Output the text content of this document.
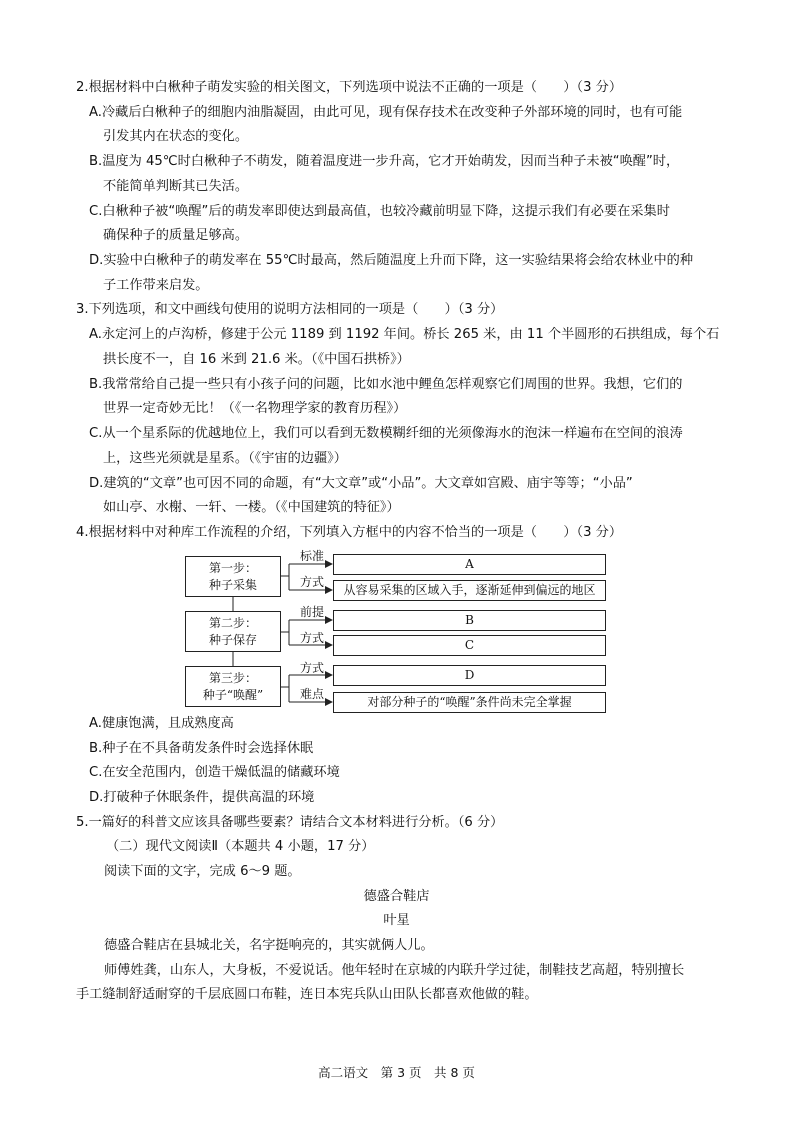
2.根据材料中白楸种子萌发实验的相关图文，下列选项中说法不正确的一项是（　　）（3 分）
A.冷藏后白楸种子的细胞内油脂凝固，由此可见，现有保存技术在改变种子外部环境的同时，也有可能
引发其内在状态的变化。
B.温度为 45℃时白楸种子不萌发，随着温度进一步升高，它才开始萌发，因而当种子未被“唤醒”时，
不能简单判断其已失活。
C.白楸种子被“唤醒”后的萌发率即使达到最高值，也较冷藏前明显下降，这提示我们有必要在采集时
确保种子的质量足够高。
D.实验中白楸种子的萌发率在 55℃时最高，然后随温度上升而下降，这一实验结果将会给农林业中的种
子工作带来启发。
3.下列选项，和文中画线句使用的说明方法相同的一项是（　　）（3 分）
A.永定河上的卢沟桥，修建于公元 1189 到 1192 年间。桥长 265 米，由 11 个半圆形的石拱组成，每个石
拱长度不一，自 16 米到 21.6 米。（《中国石拱桥》）
B.我常常给自己提一些只有小孩子问的问题，比如水池中鲤鱼怎样观察它们周围的世界。我想，它们的
世界一定奇妙无比！（《一名物理学家的教育历程》）
C.从一个星系际的优越地位上，我们可以看到无数模糊纤细的光须像海水的泡沫一样遍布在空间的浪涛
上，这些光须就是星系。（《宇宙的边疆》）
D.建筑的“文章”也可因不同的命题，有“大文章”或“小品”。大文章如宫殿、庙宇等等；“小品”
如山亭、水榭、一轩、一楼。（《中国建筑的特征》）
4.根据材料中对种库工作流程的介绍，下列填入方框中的内容不恰当的一项是（　　）（3 分）
第一步：
种子采集
第二步：
种子保存
第三步：
种子“唤醒”
标准
方式
前提
方式
方式
难点
A
从容易采集的区域入手，逐渐延伸到偏远的地区
B
C
D
对部分种子的“唤醒”条件尚未完全掌握
A.健康饱满，且成熟度高
B.种子在不具备萌发条件时会选择休眠
C.在安全范围内，创造干燥低温的储藏环境
D.打破种子休眠条件，提供高温的环境
5.一篇好的科普文应该具备哪些要素？请结合文本材料进行分析。（6 分）
（二）现代文阅读Ⅱ（本题共 4 小题，17 分）
阅读下面的文字，完成 6～9 题。
德盛合鞋店
叶星
德盛合鞋店在县城北关，名字挺响亮的，其实就俩人儿。
师傅姓龚，山东人，大身板，不爱说话。他年轻时在京城的内联升学过徒，制鞋技艺高超，特别擅长
手工缝制舒适耐穿的千层底圆口布鞋，连日本宪兵队山田队长都喜欢他做的鞋。
高二语文　第 3 页　共 8 页
